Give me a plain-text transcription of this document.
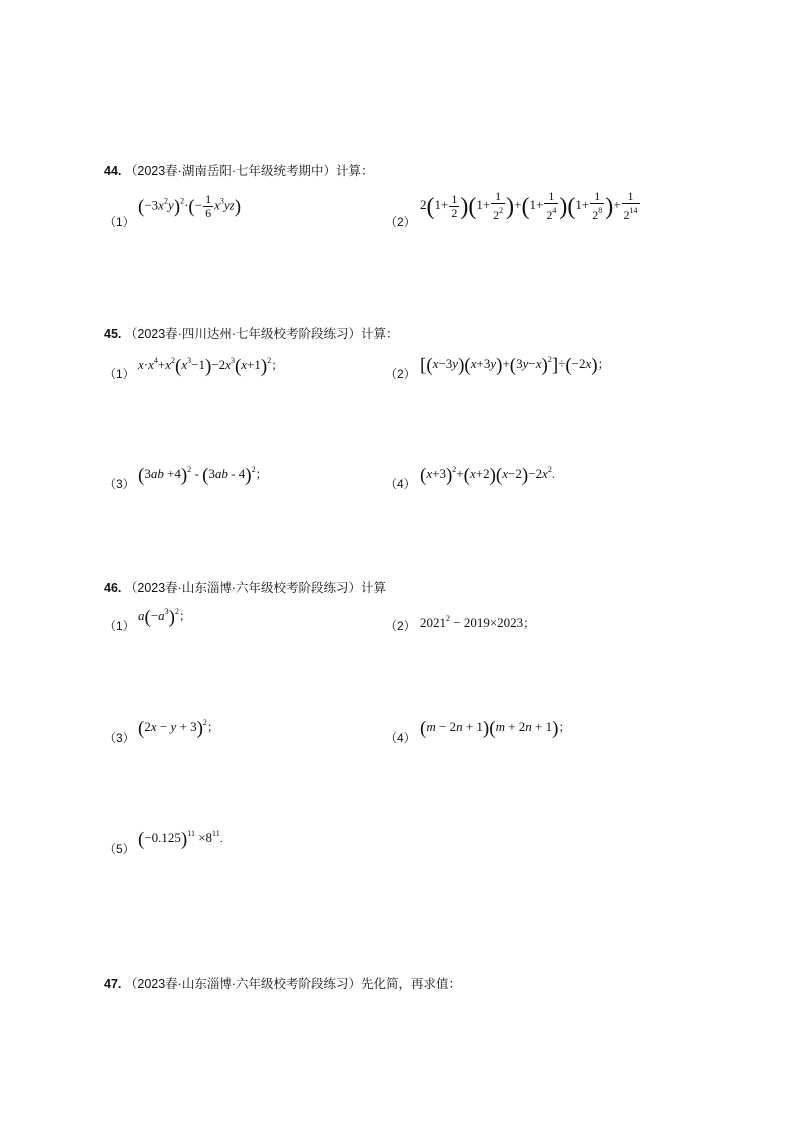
44. （2023春·湖南岳阳·七年级统考期中）计算：
（1）
$(-3x^2y)^2\cdot(- \frac{1}{6} x^3yz)$
（2）
$2(1+ \frac{1}{2} )(1+ \frac{1}{2^2} )+(1+ \frac{1}{2^4} )(1+ \frac{1}{2^8}$ )+ $\frac{1}{2^{14}}$
45. （2023春·四川达州·七年级校考阶段练习）计算：
（1）
$x\cdot x^4+x^2(x^3-1)-2x^3(x+1)^2$；
（2） $[(x-3y)(x+3y)+(3y-x)^2]\div(-2x)$；
（3） $(3ab +4)^2 - (3ab - 4)^2$；
（4） $(x+3)^2+(x+2)(x-2)-2x^2$.
46. （2023春·山东淄博·六年级校考阶段练习）计算
（1）
$a(-a^3)^2$；
（2） $2021^2 - 2019\times 2023$；
（3） $(2x - y + 3)^2$；
（4） (m − 2n + 1)(m + 2n + 1)；
（5） $(-0.125)^{11} \times 8^{11}$.
47. （2023春·山东淄博·六年级校考阶段练习）先化简，再求值：
